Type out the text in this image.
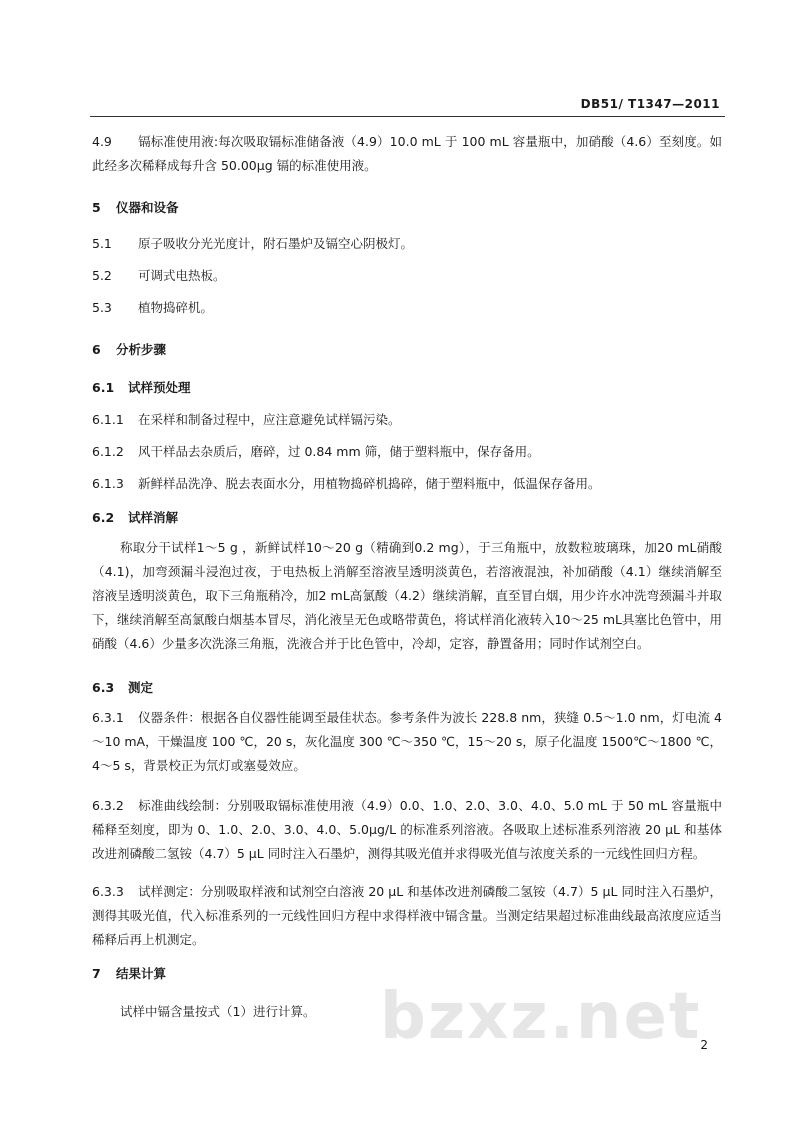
DB51/ T1347—2011
4.9 镉标准使用液:每次吸取镉标准储备液（4.9）10.0 mL 于 100 mL 容量瓶中，加硝酸（4.6）至刻度。如此经多次稀释成每升含 50.00μg 镉的标准使用液。
5 仪器和设备
5.1 原子吸收分光光度计，附石墨炉及镉空心阴极灯。
5.2 可调式电热板。
5.3 植物捣碎机。
6 分析步骤
6.1 试样预处理
6.1.1 在采样和制备过程中，应注意避免试样镉污染。
6.1.2 风干样品去杂质后，磨碎，过 0.84 mm 筛，储于塑料瓶中，保存备用。
6.1.3 新鲜样品洗净、脱去表面水分，用植物捣碎机捣碎，储于塑料瓶中，低温保存备用。
6.2 试样消解
称取分干试样1～5 g ，新鲜试样10～20 g（精确到0.2 mg），于三角瓶中，放数粒玻璃珠，加20 mL硝酸（4.1)，加弯颈漏斗浸泡过夜，于电热板上消解至溶液呈透明淡黄色，若溶液混浊，补加硝酸（4.1）继续消解至溶液呈透明淡黄色，取下三角瓶稍冷，加2 mL高氯酸（4.2）继续消解，直至冒白烟，用少许水冲洗弯颈漏斗并取下，继续消解至高氯酸白烟基本冒尽，消化液呈无色或略带黄色，将试样消化液转入10～25 mL具塞比色管中，用硝酸（4.6）少量多次洗涤三角瓶，洗液合并于比色管中，冷却，定容，静置备用；同时作试剂空白。
6.3 测定
6.3.1 仪器条件：根据各自仪器性能调至最佳状态。参考条件为波长 228.8 nm，狭缝 0.5～1.0 nm，灯电流 4～10 mA，干燥温度 100 ℃，20 s，灰化温度 300 ℃～350 ℃，15～20 s，原子化温度 1500℃～1800 ℃，4～5 s，背景校正为氘灯或塞曼效应。
6.3.2 标准曲线绘制：分别吸取镉标准使用液（4.9）0.0、1.0、2.0、3.0、4.0、5.0 mL 于 50 mL 容量瓶中稀释至刻度，即为 0、1.0、2.0、3.0、4.0、5.0μg/L 的标准系列溶液。各吸取上述标准系列溶液 20 μL 和基体改进剂磷酸二氢铵（4.7）5 μL 同时注入石墨炉，测得其吸光值并求得吸光值与浓度关系的一元线性回归方程。
6.3.3 试样测定：分别吸取样液和试剂空白溶液 20 μL 和基体改进剂磷酸二氢铵（4.7）5 μL 同时注入石墨炉，测得其吸光值，代入标准系列的一元线性回归方程中求得样液中镉含量。当测定结果超过标准曲线最高浓度应适当稀释后再上机测定。
7 结果计算
试样中镉含量按式（1）进行计算。	bzxz.net
2
